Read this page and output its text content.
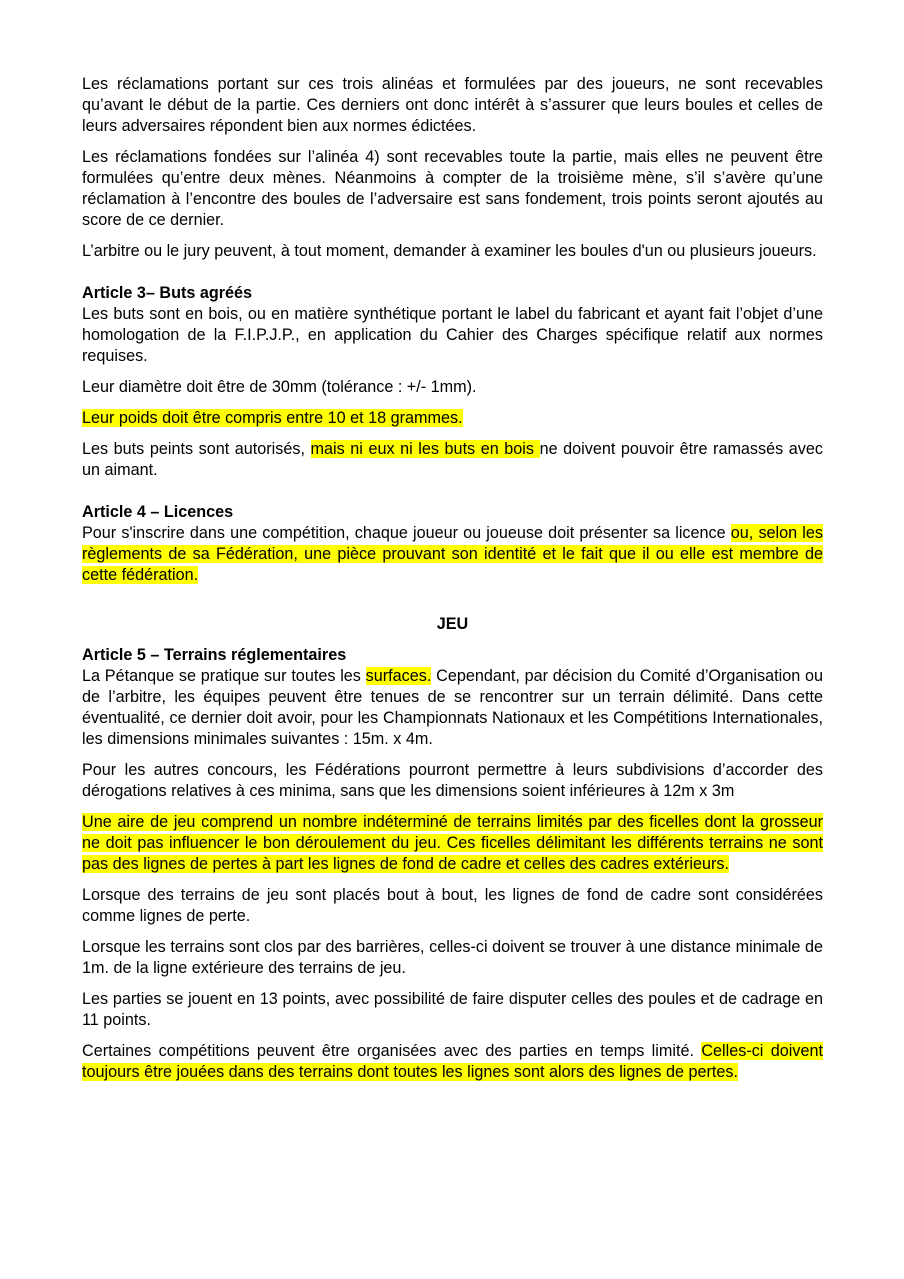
Les réclamations portant sur ces trois alinéas et formulées par des joueurs, ne sont recevables qu’avant le début de la partie. Ces derniers ont donc intérêt à s’assurer que leurs boules et celles de leurs adversaires répondent bien aux normes édictées.

Les réclamations fondées sur l’alinéa 4) sont recevables toute la partie, mais elles ne peuvent être formulées qu’entre deux mènes. Néanmoins à compter de la troisième mène, s’il s’avère qu’une réclamation à l’encontre des boules de l’adversaire est sans fondement, trois points seront ajoutés au score de ce dernier.

L’arbitre ou le jury peuvent, à tout moment, demander à examiner les boules d'un ou plusieurs joueurs.

Article 3– Buts agréés

Les buts sont en bois, ou en matière synthétique portant le label du fabricant et ayant fait l’objet d’une homologation de la F.I.P.J.P., en application du Cahier des Charges spécifique relatif aux normes requises.

Leur diamètre doit être de 30mm (tolérance : +/- 1mm).

Leur poids doit être compris entre 10 et 18 grammes.

Les buts peints sont autorisés, mais ni eux ni les buts en bois ne doivent pouvoir être ramassés avec un aimant.

Article 4 – Licences

Pour s'inscrire dans une compétition, chaque joueur ou joueuse doit présenter sa licence ou, selon les règlements de sa Fédération, une pièce prouvant son identité et le fait que il ou elle est membre de cette fédération.

JEU

Article 5 – Terrains réglementaires

La Pétanque se pratique sur toutes les surfaces. Cependant, par décision du Comité d’Organisation ou de l’arbitre, les équipes peuvent être tenues de se rencontrer sur un terrain délimité. Dans cette éventualité, ce dernier doit avoir, pour les Championnats Nationaux et les Compétitions Internationales, les dimensions minimales suivantes : 15m. x 4m.

Pour les autres concours, les Fédérations pourront permettre à leurs subdivisions d’accorder des dérogations relatives à ces minima, sans que les dimensions soient inférieures à 12m x 3m

Une aire de jeu comprend un nombre indéterminé de terrains limités par des ficelles dont la grosseur ne doit pas influencer le bon déroulement du jeu. Ces ficelles délimitant les différents terrains ne sont pas des lignes de pertes à part les lignes de fond de cadre et celles des cadres extérieurs.

Lorsque des terrains de jeu sont placés bout à bout, les lignes de fond de cadre sont considérées comme lignes de perte.

Lorsque les terrains sont clos par des barrières, celles-ci doivent se trouver à une distance minimale de 1m. de la ligne extérieure des terrains de jeu.

Les parties se jouent en 13 points, avec possibilité de faire disputer celles des poules et de cadrage en 11 points.

Certaines compétitions peuvent être organisées avec des parties en temps limité. Celles-ci doivent toujours être jouées dans des terrains dont toutes les lignes sont alors des lignes de pertes.
